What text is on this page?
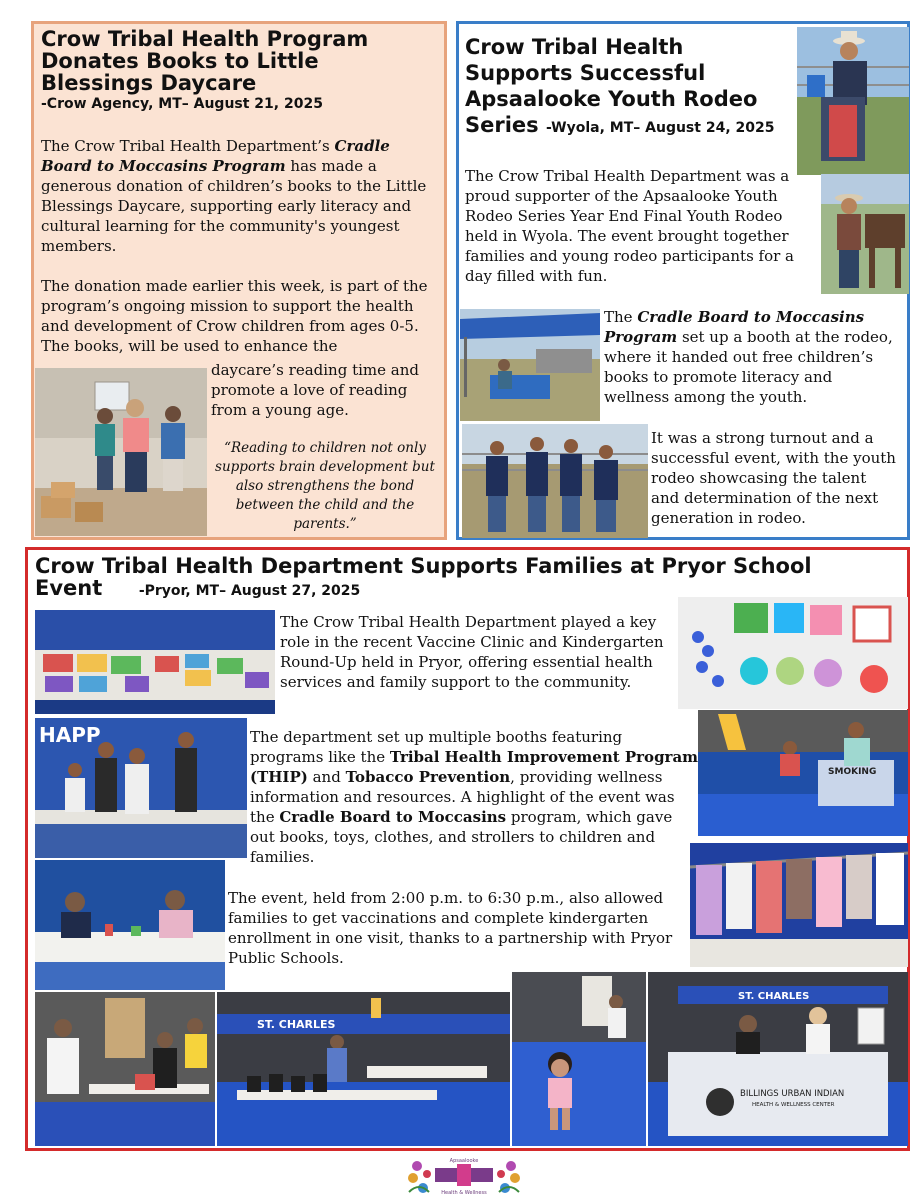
Crow Tribal Health Program Donates Books to Little Blessings Daycare
-Crow Agency, MT– August 21, 2025
The Crow Tribal Health Department’s Cradle Board to Moccasins Program has made a generous donation of children’s books to the Little Blessings Daycare, supporting early literacy and cultural learning for the community's youngest members.
The donation made earlier this week, is part of the program’s ongoing mission to support the health and development of Crow children from ages 0-5. The books, will be used to enhance the
daycare’s reading time and promote a love of reading from a young age.
“Reading to children not only supports brain development but also strengthens the bond between the child and the parents.”
Crow Tribal Health Supports Successful Apsaalooke Youth Rodeo Series -Wyola, MT– August 24, 2025
The Crow Tribal Health Department was a proud supporter of the Apsaalooke Youth Rodeo Series Year End Final Youth Rodeo held in Wyola. The event brought together families and young rodeo participants for a day filled with fun.
The Cradle Board to Moccasins Program set up a booth at the rodeo, where it handed out free children’s books to promote literacy and wellness among the youth.
It was a strong turnout and a successful event, with the youth rodeo showcasing the talent and determination of the next generation in rodeo.
Crow Tribal Health Department Supports Families at Pryor School Event	-Pryor, MT– August 27, 2025
HAPP
SMOKING
ST. CHARLES
ST. CHARLES
BILLINGS URBAN INDIAN
HEALTH & WELLNESS CENTER
The Crow Tribal Health Department played a key role in the recent Vaccine Clinic and Kindergarten Round-Up held in Pryor, offering essential health services and family support to the community.
The department set up multiple booths featuring programs like the Tribal Health Improvement Program (THIP) and Tobacco Prevention, providing wellness information and resources. A highlight of the event was the Cradle Board to Moccasins program, which gave out books, toys, clothes, and strollers to children and families.
The event, held from 2:00 p.m. to 6:30 p.m., also allowed families to get vaccinations and complete kindergarten enrollment in one visit, thanks to a partnership with Pryor Public Schools.
Apsaalooke
Health & Wellness
